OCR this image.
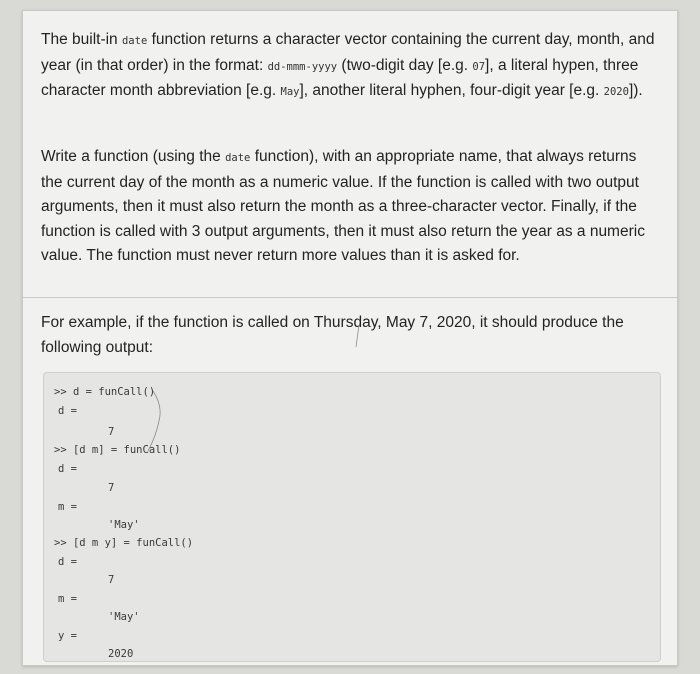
The built-in date function returns a character vector containing the current day, month, and year (in that order) in the format: dd-mmm-yyyy (two-digit day [e.g. 07], a literal hypen, three character month abbreviation [e.g. May], another literal hyphen, four-digit year [e.g. 2020]).

Write a function (using the date function), with an appropriate name, that always returns the current day of the month as a numeric value. If the function is called with two output arguments, then it must also return the month as a three-character vector. Finally, if the function is called with 3 output arguments, then it must also return the year as a numeric value. The function must never return more values than it is asked for.

For example, if the function is called on Thursday, May 7, 2020, it should produce the following output:

>> d = funCall()
d =
7
>> [d m] = funCall()
d =
7
m =
'May'
>> [d m y] = funCall()
d =
7
m =
'May'
y =
2020
